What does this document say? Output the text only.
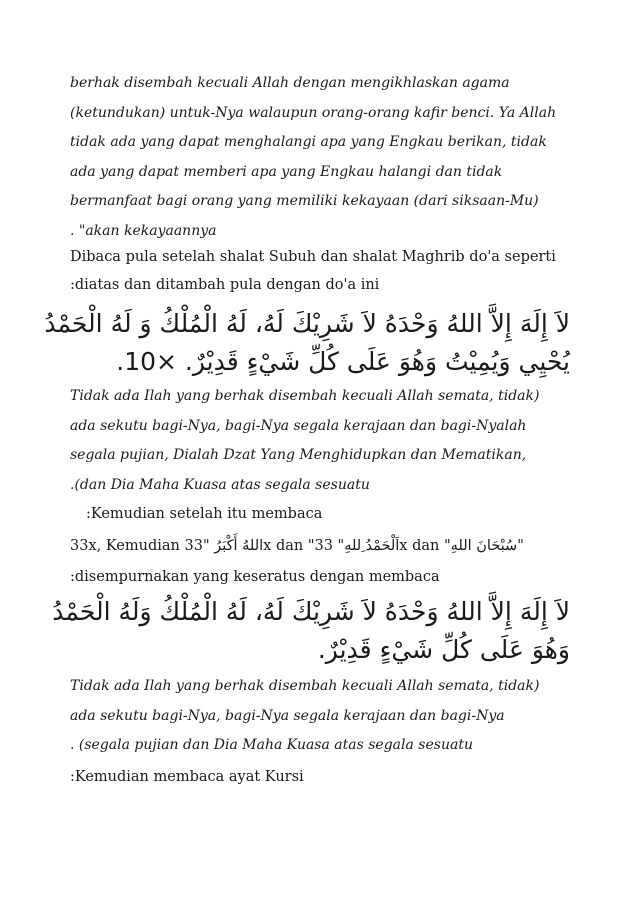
berhak disembah kecuali Allah dengan mengikhlaskan agama

(ketundukan) untuk-Nya walaupun orang-orang kafir benci. Ya Allah

tidak ada yang dapat menghalangi apa yang Engkau berikan, tidak

ada yang dapat memberi apa yang Engkau halangi dan tidak

bermanfaat bagi orang yang memiliki kekayaan (dari siksaan-Mu)

. "akan kekayaannya

Dibaca pula setelah shalat Subuh dan shalat Maghrib do'a seperti

:diatas dan ditambah pula dengan do'a ini

لاَ إِلَهَ إِلاَّ اللهُ وَحْدَهُ لاَ شَرِيْكَ لَهُ، لَهُ الْمُلْكُ وَ لَهُ الْحَمْدُ

يُحْيِي وَيُمِيْتُ وَهُوَ عَلَى كُلِّ شَيْءٍ قَدِيْرٌ. ×10.

Tidak ada Ilah yang berhak disembah kecuali Allah semata, tidak)

ada sekutu bagi-Nya, bagi-Nya segala kerajaan dan bagi-Nyalah

segala pujian, Dialah Dzat Yang Menghidupkan dan Mematikan,

.(dan Dia Maha Kuasa atas segala sesuatu

:Kemudian setelah itu membaca

33x, Kemudian اللهُ أَكْبَرُ "33x dan "اَلْحَمْدُ ِللهِ" 33x dan "سُبْحَانَ اللهِ"

:disempurnakan yang keseratus dengan membaca

لاَ إِلَهَ إِلاَّ اللهُ وَحْدَهُ لاَ شَرِيْكَ لَهُ، لَهُ الْمُلْكُ وَلَهُ الْحَمْدُ

وَهُوَ عَلَى كُلِّ شَيْءٍ قَدِيْرٌ.

Tidak ada Ilah yang berhak disembah kecuali Allah semata, tidak)

ada sekutu bagi-Nya, bagi-Nya segala kerajaan dan bagi-Nya

. (segala pujian dan Dia Maha Kuasa atas segala sesuatu

:Kemudian membaca ayat Kursi
